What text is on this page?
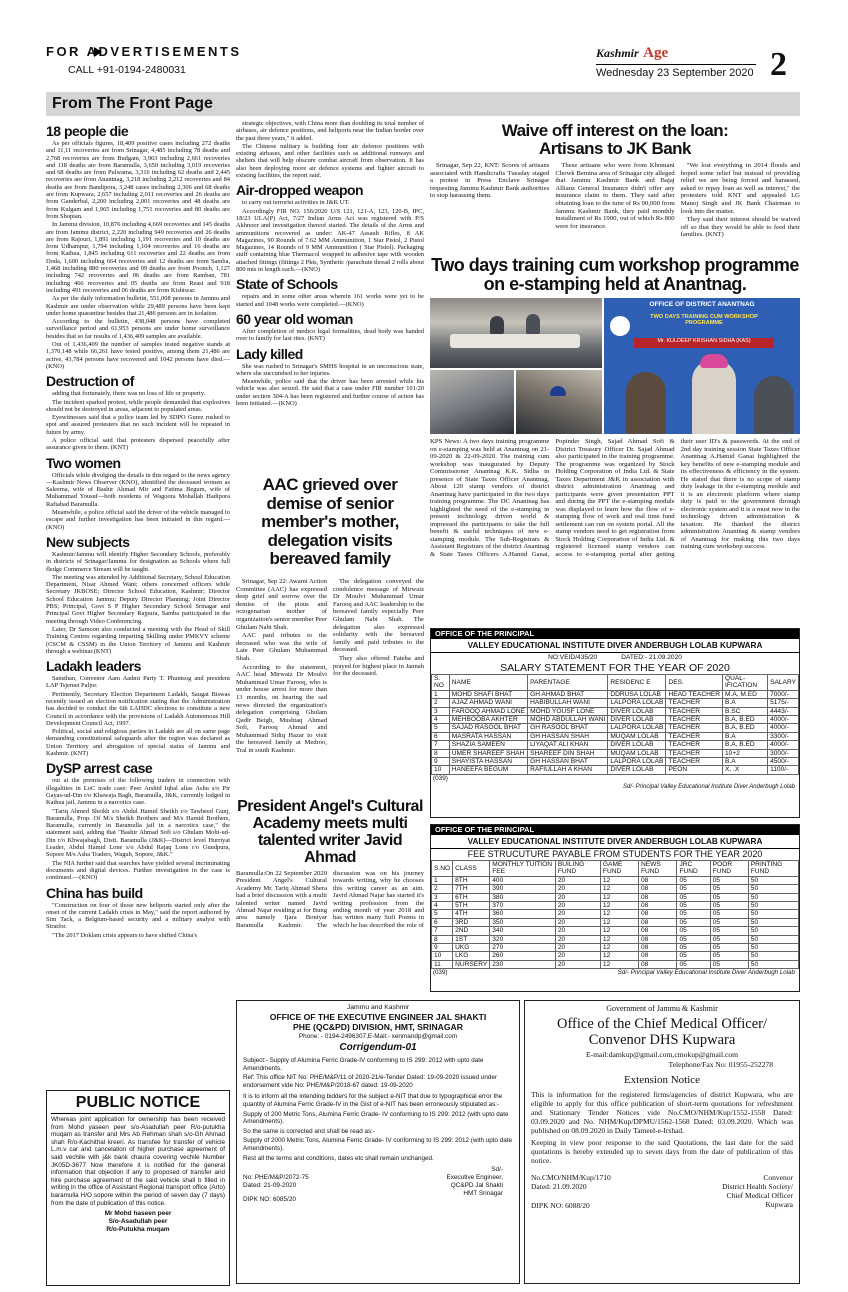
FOR ADVERTISEMENTS
CALL +91-0194-2480031
Kashmir Age
Wednesday 23 September 2020 2
From The Front Page
18 people die

As per officials figures, 18,409 positive cases including 272 deaths and 11,11 recoveries are from Srinagar, 4,485 including 78 deaths and 2,768 recoveries are from Budgam, 3,963 including 2,661 recoveries and 118 deaths are from Baramulla, 3,650 including 3,019 recoveries and 68 deaths are from Pulwama, 3,316 including 62 deaths and 2,445 recoveries are from Anantnag, 3,218 including 2,212 recoveries and 84 deaths are from Bandipora, 3,248 cases including 2,306 and 68 deaths are from Kupwara, 2,657 including 2,011 recoveries and 26 deaths are from Ganderbal, 2,200 including 2,001 recoveries and 48 deaths are from Kulgam and 1,965 including 1,751 recoveries and 80 deaths are from Shopian.

In Jammu division, 10,876 including 4,669 recoveries and 145 deaths are from Jammu district, 2,220 including 949 recoveries and 26 deaths are from Rajouri, 1,891 including 1,191 recoveries and 10 deaths are from Udhampur, 1,794 including 1,104 recoveries and 16 deaths are from Kathua, 1,845 including 611 recoveries and 22 deaths are from Doda, 1,600 including 664 recoveries and 12 deaths are from Samba, 1,468 including 880 recoveries and 09 deaths are from Poonch, 1,127 including 742 recoveries and 06 deaths are from Ramban, 781 including 466 recoveries and 05 deaths are from Reasi and 918 including 491 recoveries and 06 deaths are from Kishtwar.

As per the daily information bulletin, 551,008 persons in Jammu and Kashmir are under observation while 29,489 persons have been kept under home quarantine besides that 21,486 persons are in isolation.

According to the bulletin, 438,048 persons have completed surveillance period and 61,953 persons are under home surveillance besides that so far results of 1,436,409 samples are available.

Out of 1,436,409 the number of samples tested negative stands at 1,370,148 while 66,261 have tested positive, among them 21,486 are active, 43,784 persons have recovered and 1042 persons have died.—(KNO)

Destruction of

adding that fortunately, there was no loss of life or property.

The incident sparked protest, while people demanded that explosives should not be destroyed in areas, adjacent to populated areas.

Eyewitnesses said that a police team led by SDPO Gurez rushed to spot and assured protesters that no such incident will be repeated in future by army.

A police official said that protesters dispersed peacefully after assurance given to them. (KNT)

Two women

Officials while divulging the details in this regard to the news agency—Kashmir News Observer (KNO), identified the deceased women as Saleema, wife of Bashir Ahmad Mir and Fatima Begum, wife of Muhammad Yousuf—both residents of Wagoora Mohallah Hadipora Rafiabad Baramulla.

Meanwhile, a police official said the driver of the vehicle managed to escape and further investigation has been initiated in this regard.—(KNO)

New subjects

Kashmir/Jammu will identify Higher Secondary Schools, preferably in districts of Srinagar/Jammu for designation as Schools where full fledge Commerce Stream will be taught.

The meeting was attended by Additional Secretary, School Education Department, Nisar Ahmed Wani; others concerned officers while Secretary JKBOSE; Director School Education, Kashmir; Director School Education Jammu; Deputy Director Planning; Joint Director PBS; Principal, Govt S P Higher Secondary School Srinagar and Principal Govt Higher Secondary Rajpura, Samba participated in the meeting through Video Conferencing.

Later, Dr Samoon also conducted a meeting with the Head of Skill Training Centres regarding imparting Skilling under PMKVY scheme (CSCM & CSSM) in the Union Territory of Jammu and Kashmir through a webinar.(KNT)

Ladakh leaders

Sansthan, Convenor Aam Aadmi Party T. Phuntsog and president LAP Tsjemet Paljor.

Pertinently, Secretary Election Department Ladakh, Saugat Biswas recently issued an election notification stating that the Administration has decided to conduct the 6th LAHDC elections to constitute a new Council in accordance with the provisions of Ladakh Autonomous Hill Development Council Act, 1997.

Political, social and religious parties in Ladakh are all on same page demanding constitutional safeguards after the region was declared as Union Territory and abrogation of special status of Jammu and Kashmir. (KNT)

DySP arrest case

out at the premises of the following traders in connection with illegalities in LoC trade case: Peer Arshid Iqbal alias Ashu s/o Pir Gayas-ud-Din r/o Khawaja Bagh, Baramulla, J&K, currently lodged in Kathua jail, Jammu in a narcotics case.

"Tariq Ahmed Sheikh s/o Abdul Hamid Sheikh r/o Tawheed Gunj, Baramulla, Prop. Of M/s Sheikh Brothers and M/s Hamid Brothers, Baramulla, currently in Baramulla jail in a narcotics case," the statement said, adding that "Bashir Ahmad Sofi s/o Ghulam Mohi-ud-Din r/o Khwajabagh, Distt. Baramulla (J&K)—District level Hurriyat Leader, Abdul Hamid Lone s/o Abdul Rajaq Lone r/o Gundpura, Sopore M/s Asha Traders, Wagub, Sopore, J&K."

The NIA further said that searches have yielded several incriminating documents and digital devices. Further investigation in the case is continued.—(KNO)

China has build

"Construction on four of those new heliports started only after the onset of the current Ladakh crisis in May," said the report authored by Sim Tack, a Belgium-based security and a military analyst with Stratfor.

"The 2017 Doklam crisis appears to have shifted China's

PUBLIC NOTICE
Whereas joint application for ownership has been received from Mohd yaseen peer s/o-Asadullah peer R/o-putukha muqam as transfer and Mrs Ab Rehman shah s/o-Gh Ahmad shah R/o-Kachithal kreeri. As transfee for transfer of vehicle L.m.v car and cancelation of higher purchase agreement of said vechile with j&k bank chaura covering vechile Number JK05D-3677 Now therefore it is notified for the general information that objection if any to proposed of transfer and hire purchase agreement of the said vehicle shall b filled in writing in the office of Assistant Regional transport office (Arto) baramulla H/O sopore within the period of seven day (7 days) from the date of publication of this notice.
Mr Mohd haseen peer
S/o-Asadullah peer
R/o-Putukha muqam

strategic objectives, with China more than doubling its total number of airbases, air defence positions, and heliports near the Indian border over the past three years," it added.

The Chinese military is building four air defence positions with existing airbases, and other facilities such as additional runways and shelters that will help obscure combat aircraft from observation. It has also been deploying more air defence systems and fighter aircraft to existing facilities, the report said.

Air-dropped weapon

to carry out terrorist activities in J&K UT.

Accordingly FIR NO. 156/2020 U/S 121, 121-A, 123, 120-B, IPC, 18/23 ULA(P) Act, 7/27 Indian Arms Act was registered with P/S Akhnoor and investigation thereof started. The details of the Arms and ammunitions recovered as under: AK-47 Assault Rifles, 8 AK Magazines, 90 Rounds of 7.62 MM Ammunition, 1 Star Pistol, 2 Pistol Magazines, 14 Rounds of 9 MM Ammunition ( Star Pistol). Packaging stuff containing blue Thermacol wrapped in adhesive tape with wooden attached fittings (fittings 2 Pkts, Synthetic /parachute thread 2 rolls about 800 mts in length each.—(KNO)

State of Schools

repairs and in some other areas wherein 161 works were yet to be started and 1048 works were completed.—(KNO)

60 year old woman

After completion of medico legal formalities, dead body was handed over to family for last rites. (KNT)

Lady killed

She was rushed to Srinagar's SMHS hospital in an unconscious state, where she succumbed to her injuries.

Meanwhile, police said that the driver has been arrested while his vehicle was also seized. He said that a case under FIR number 101/20 under section 304-A has been registered and further course of action has been initiated.—(KNO)

AAC grieved over demise of senior member's mother, delegation visits bereaved family

Srinagar, Sep 22: Awami Action Committee (AAC) has expressed deep grief and sorrow over the demise of the pious and octogenarian mother of organization's senior member Peer Ghulam Nabi Shah.

AAC paid tributes to the deceased who was the wife of Late Peer Ghulam Muhammad Shah.

According to the statement, AAC head Mirwaiz Dr Moulvi Muhammad Umar Farooq, who is under house arrest for more than 13 months, on hearing the sad news directed the organization's delegation comprising Ghulam Qadir Beigh, Mushtaq Ahmad Sofi, Farooq Ahmad and Muhammad Sidiq Hazar to visit the bereaved family at Medroo, Tral in south Kashmir.

The delegation conveyed the condolence message of Mirwaiz Dr Moulvi Muhammad Umar Farooq and AAC leadership to the bereaved family especially Peer Ghulam Nabi Shah. The delegation also expressed solidarity with the bereaved family and paid tributes to the deceased.

They also offered Fateha and prayed for highest place in Jannah for the deceased.

President Angel's Cultural Academy meets multi talented writer Javid Ahmad
Baramulla:On 22 September 2020 President Angel's Cultural Academy Mr. Tariq Ahmad Shera had a brief discussion with a multi talented writer named Javid Ahmad Najar residing at for Bung area namely Ijara Boniyar Baramulla Kashmir. The discussion was on his journey towards writing, why he chooses this writing career as an aim. Javid Ahmad Najar has started it's writing profession from the ending month of year 2018 and has written many Sufi Poems in which he has described the role of
Waive off interest on the loan: Artisans to JK Bank

Srinagar, Sep 22, KNT: Scores of artisans associated with Handicrafts Tuesday staged a protest in Press Enclave Srinagar requesting Jammu Kashmir Bank authorities to stop harassing them.

These artisans who were from Khomani Chowk Bemina area of Srinagar city alleged that Jammu Kashmir Bank and Bajaj Allianz General Insurance didn't offer any insurance claim to them. They said after obtaining loan to the tune of Rs 90,000 from Jammu Kashmir Bank, they paid monthly installment of Rs 1900, out of which Rs 800 were for insurance.

"We lost everything in 2014 floods and hoped some relief but instead of providing relief we are being forced and harassed, asked to repay loan as well as interest," the protesters told KNT and appealed LG Manoj Singh and JK Bank Chairman to look into the matter.

They said their interest should be waived off so that they would be able to feed their families. (KNT)

Two days training cum workshop programme on e-stamping held at Anantnag.
OFFICE OF DISTRICT ANANTNAG
TWO DAYS TRAINING CUM WORKSHOP PROGRAMME
Mr. KULDEEP KRISHAN SIDHA (KAS)
KPS News: A two days training programme on e-stamping was held at Anantnag on 21-09-2020 & 22-09-2020. The training cum workshop was inaugurated by Deputy Commissioner Anantnag K.K. Sidha in presence of State Taxes Officer Anantnag. About 120 stamp vendors of district Anantnag have participated in the two days training programme. The DC Anantnag has highlighted the need of the e-stamping in present technology driven world & impressed the participants to take the full benefit & useful techniques of new e-stamping module. The Sub-Registrars & Assistant Registrars of the district Anantnag & State Taxes Officers A.Hamid Ganai, Popinder Singh, Sajad Ahmad Sofi & District Treasury Officer Dr. Sajad Ahmad also participated in the training programme. The programme was organized by Stock Holding Corporation of India Ltd. & State Taxes Department J&K in association with district administration Anantnag and participants were given presentation PPT and during the PPT the e-stamping module was displayed to learn how the flow of e-stamping flow of work and real time fund settlement can run on system portal. All the stamp vendors need to get registration from Stock Holding Corporation of India Ltd. & registered licensed stamp vendors can access to e-stamping portal after getting their user ID's & passwords. At the end of 2nd day training session State Taxes Officer Anantnag A.Hamid Ganai highlighted the key benefits of new e-stamping module and its effectiveness & efficiency in the system. He stated that there is no scope of stamp duty leakage in the e-stamping module and it is an electronic platform where stamp duty is paid to the government through electronic system and it is a must now in the technology driven administration & taxation. He thanked the district administration Anantnag & stamp vendors of Anantnag for making this two days training cum workshop success.
OFFICE OF THE PRINCIPAL
VALLEY EDUCATIONAL INSTITUTE DIVER ANDERBUGH LOLAB KUPWARA
NO:VEID/435/20	DATED:- 21.09.2020
SALARY STATEMENT FOR THE YEAR OF 2020
S. NO	NAME	PARENTAGE	RESIDENC E	DES.	QUAL- IFICATION	SALARY
1	MOHD SHAFI BHAT	GH AHMAD BHAT	DDRUSA LOLAB	HEAD TEACHER	M.A, M.ED	7000/-
2	AJAZ AHMAD WANI	HABIBULLAH WANI	LALPORA LOLAB	TEACHER	B.A	5175/-
3	FAROOQ AHMAD LONE	MOHD YOUSF LONE	DIVER LOLAB	TEACHER	B.SC	4443/-
4	MEHBOOBA AKHTER	MOHD ABDULLAH WANI	DIVER LOLAB	TEACHER	B.A, B.ED	4000/-
5	SAJAD RASOOL BHAT	GH RASOOL BHAT	LALPORA LOLAB	TEACHER	B.A, B.ED	4000/-
6	MASRATA HASSAN	GH HASSAN SHAH	MUQAM LOLAB	TEACHER	B.A	3300/-
7	SHAZIA SAMEEN	LIYAQAT ALI KHAN	DIVER LOLAB	TEACHER	B.A, B.ED	4000/-
8	UMER SHAREEF SHAH	SHAREEF DIN SHAH	MUQAM LOLAB	TEACHER	10+2	3000/-
9	SHAYISTA HASSAN	GH HASSAN BHAT	LALPORA LOLAB	TEACHER	B.A	4500/-
10	HANEEFA BEGUM	RAFIULLAH A KHAN	DIVER LOLAB	PEON	X, .X	1100/-
(039)
Sd/- Principal Valley Educational Institute Diver Anderbugh Lolab
OFFICE OF THE PRINCIPAL
VALLEY EDUCATIONAL INSTITUTE DIVER ANDERBUGH LOLAB KUPWARA
FEE STRUCUTURE PAYABLE FROM STUDENTS FOR THE YEAR 2020
S.NO	CLASS	MONTHLY TUITION FEE	BUILING FUND	GAME FUND	NEWS FUND	JRC FUND	POOR FUND	PRINTING FUND
1	8TH	400	20	12	08	05	05	50
2	7TH	390	20	12	08	05	05	50
3	6TH	380	20	12	08	05	05	50
4	5TH	370	20	12	08	05	05	50
5	4TH	360	20	12	08	05	05	50
6	3RD	350	20	12	08	05	05	50
7	2ND	340	20	12	08	05	05	50
8	1ST	320	20	12	08	05	05	50
9	UKG	270	20	12	08	05	05	50
10	LKG	260	20	12	08	05	05	50
11	NURSERY	230	20	12	08	05	05	50
(039)	Sd/- Principal Valley Educational Institute Diver Anderbugh Lolab
Jammu and Kashmir
OFFICE OF THE EXECUTIVE ENGINEER JAL SHAKTI
PHE (QC&PD) DIVISION, HMT, SRINAGAR
Phone: - 0194-2496307,E-Mail:- xenmandp@gmail.com
Corrigendum-01
Subject:- Supply of Alumina Ferric Grade-IV conforming to IS 299: 2012 with upto date Amendments.
Ref: This office NIT No: PHE/M&P/11 of 2020-21/e-Tender Dated: 19-09-2020 issued under endorsement vide No: PHE/M&P/2018-67 dated: 19-09-2020
It is to inform all the intending bidders for the subject e-NIT that due to typographical error the quantity of Alumina Ferric Grade-IV in the Gist of e-NIT has been erroneously stipulated as:-
Supply of 200 Metric Tons, Alumina Ferric Grade- IV conforming to IS 299: 2012 (with upto date Amendments).
So the same is corrected and shall be read as:-
Supply of 2000 Metric Tons, Alumina Ferric Grade- IV conforming to IS 299: 2012 (with upto date Amendments).
Rest all the terms and conditions, dates etc shall remain unchanged.
No: PHE/M&P/2072-75
Dated: 21-09-2020
DIPK NO: 6085/20
Sd/-
Executive Engineer,
QC&PD Jal Shakti
HMT Srinagar
Government of Jammu & Kashmir
Office of the Chief Medical Officer/ Convenor DHS Kupwara
E-mail:damkup@gmail.com,cmokup@gmail.com
Telephone/Fax No: 01955-252278
Extension Notice
This is information for the registered firms/agencies of district Kupwara, who are eligible to apply for this office publication of short-term quotations for refreshment and Stationary Tender Notices vide No.CMO/NHM/Kup/1552-1558 Dated: 03.09.2020 and No. NHM/Kup/DPMU/1562-1568 Dated: 03.09.2020. Which was published on 08.09.2020 in Daily Tameel-e-Irshad.
Keeping in view poor response to the said Quotations, the last date for the said quotations is hereby extended up to seven days from the date of publication of this notice.
No.CMO/NHM/Kup/1710
Dated: 21.09.2020
DIPK NO: 6088/20
Convenor
District Health Society/
Chief Medical Officer
Kupwara
